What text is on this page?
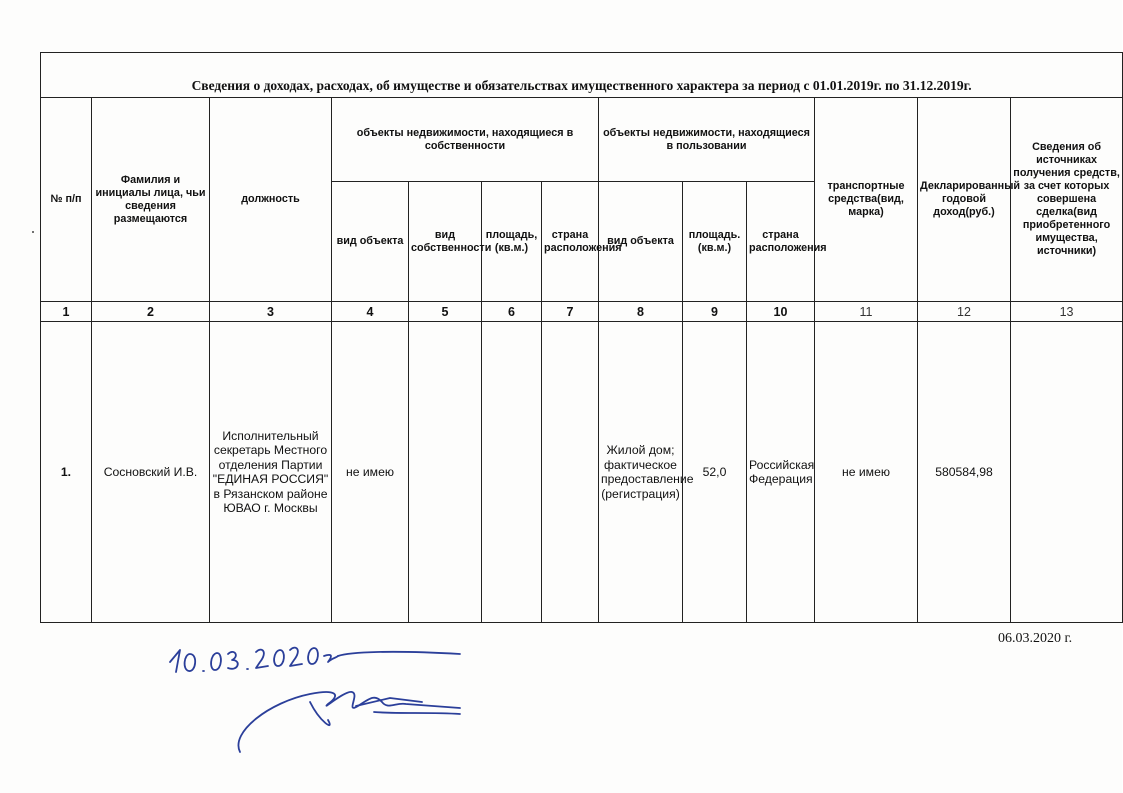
Сведения о доходах, расходах, об имуществе и обязательствах имущественного характера за период с 01.01.2019г. по 31.12.2019г.												
№ п/п	Фамилия и инициалы лица, чьи сведения размещаются	должность	объекты недвижимости, находящиеся в собственности				объекты недвижимости, находящиеся в пользовании			транспортные средства(вид, марка)	Декларированный годовой доход(руб.)	Сведения об источниках получения средств, за счет которых совершена сделка(вид приобретенного имущества, источники)
			вид объекта	вид собственности	площадь, (кв.м.)	страна расположения	вид объекта	площадь. (кв.м.)	страна расположения			
1	2	3	4	5	6	7	8	9	10	11	12	13
1.	Сосновский И.В.	Исполнительный секретарь Местного отделения Партии "ЕДИНАЯ РОССИЯ" в Рязанском районе ЮВАО г. Москвы	не имею				Жилой дом; фактическое предоставление (регистрация)	52,0	Российская Федерация	не имею	580584,98	
06.03.2020 г.
